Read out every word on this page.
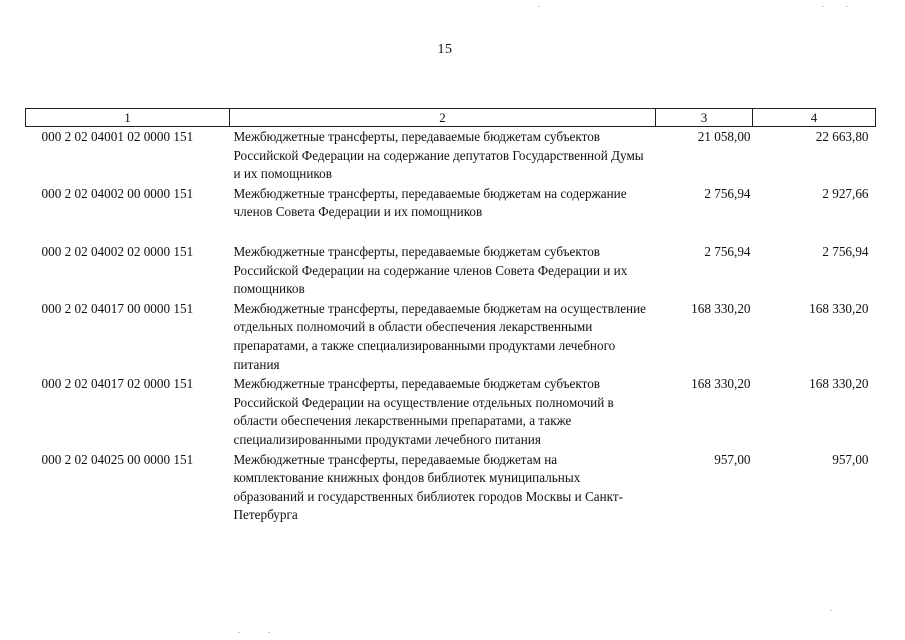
15
1	2	3	4
000 2 02 04001 02 0000 151	Межбюджетные трансферты, передаваемые бюджетам субъектов Российской Федерации на содержание депутатов Государственной Думы и их помощников	21 058,00	22 663,80
000 2 02 04002 00 0000 151	Межбюджетные трансферты, передаваемые бюджетам на содержание членов Совета Федерации и их помощников	2 756,94	2 927,66
000 2 02 04002 02 0000 151	Межбюджетные трансферты, передаваемые бюджетам субъектов Российской Федерации на содержание членов Совета Федерации и их помощников	2 756,94	2 756,94
000 2 02 04017 00 0000 151	Межбюджетные трансферты, передаваемые бюджетам на осуществление отдельных полномочий в области обеспечения лекарственными препаратами, а также специализированными продуктами лечебного питания	168 330,20	168 330,20
000 2 02 04017 02 0000 151	Межбюджетные трансферты, передаваемые бюджетам субъектов Российской Федерации на осуществление отдельных полномочий в области обеспечения лекарственными препаратами, а также специализированными продуктами лечебного питания	168 330,20	168 330,20
000 2 02 04025 00 0000 151	Межбюджетные трансферты, передаваемые бюджетам на комплектование книжных фондов библиотек муниципальных образований и государственных библиотек городов Москвы и Санкт-Петербурга	957,00	957,00
